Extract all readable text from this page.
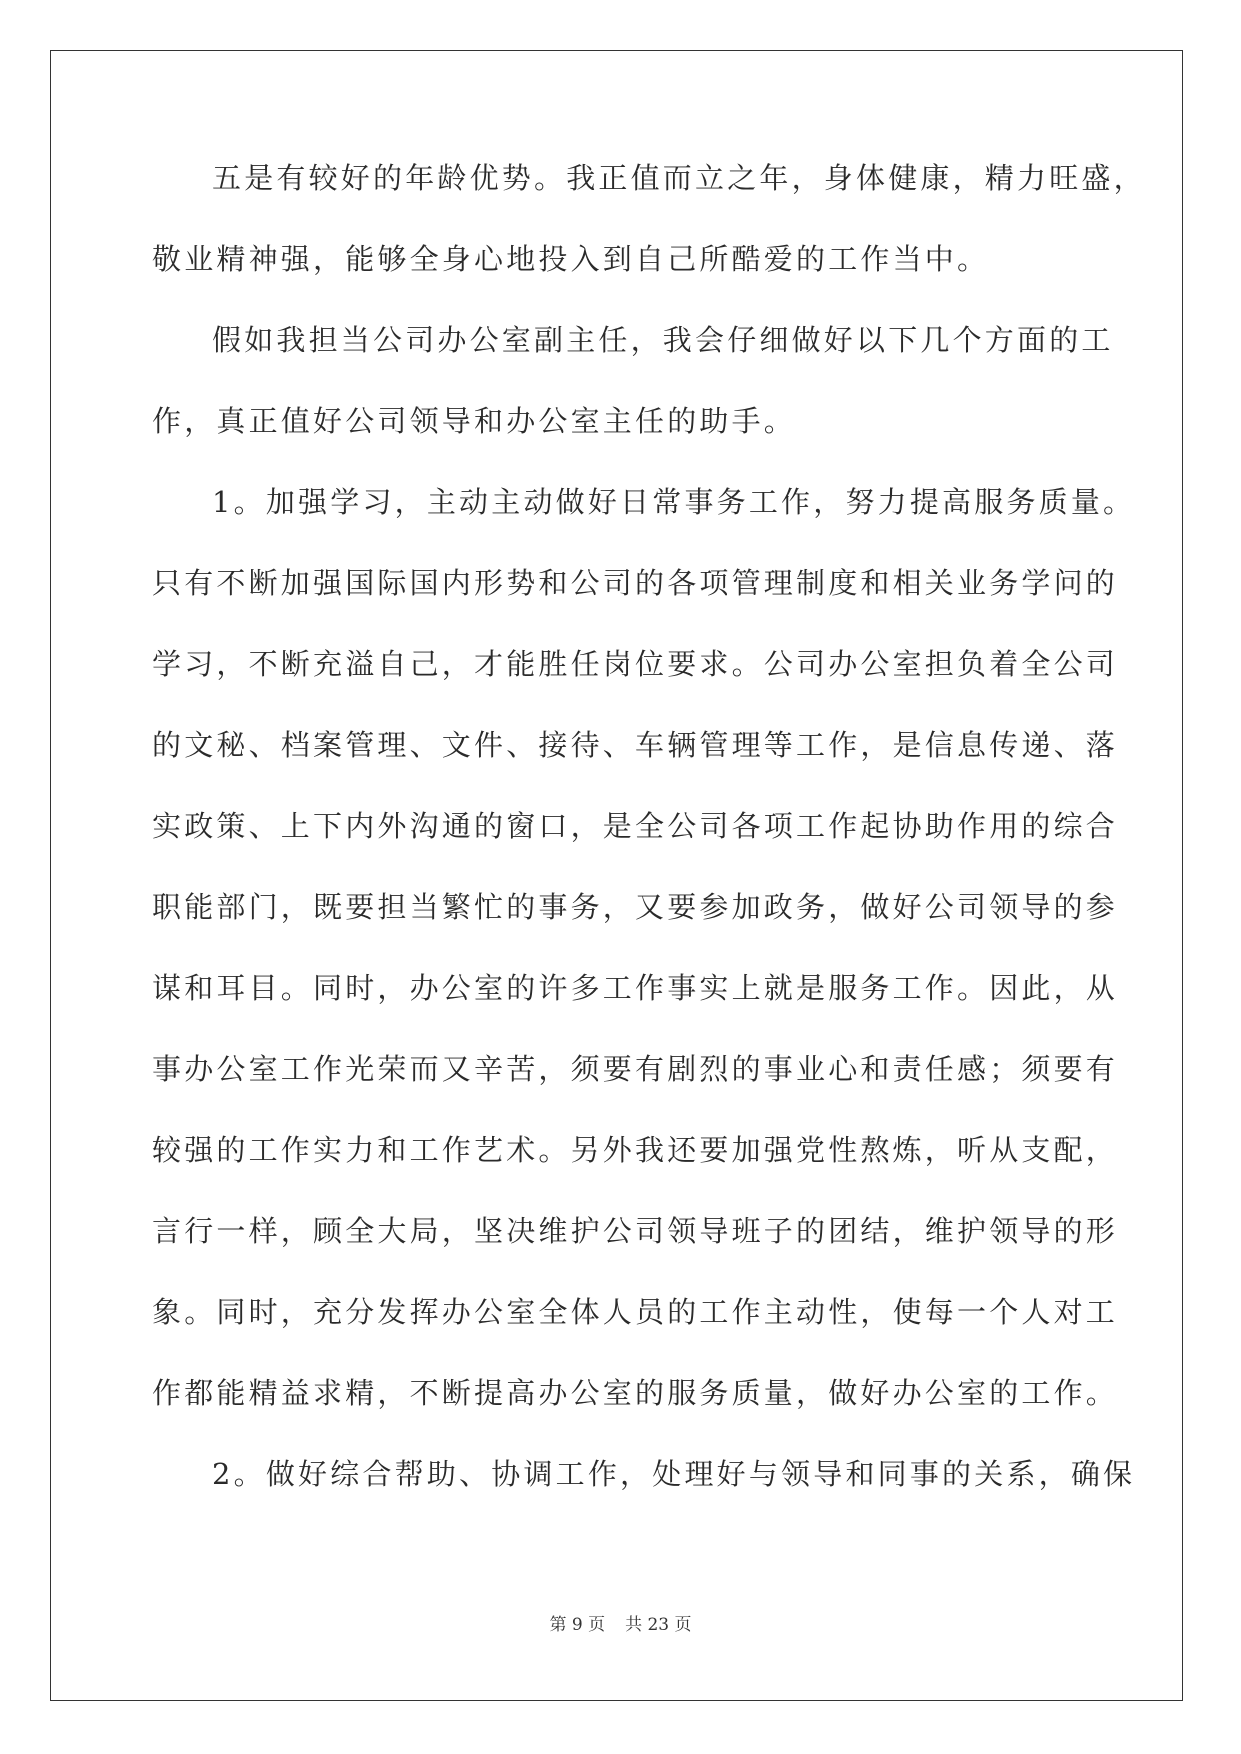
五是有较好的年龄优势。我正值而立之年，身体健康，精力旺盛，
敬业精神强，能够全身心地投入到自己所酷爱的工作当中。
假如我担当公司办公室副主任，我会仔细做好以下几个方面的工
作，真正值好公司领导和办公室主任的助手。
1。加强学习，主动主动做好日常事务工作，努力提高服务质量。
只有不断加强国际国内形势和公司的各项管理制度和相关业务学问的
学习，不断充溢自己，才能胜任岗位要求。公司办公室担负着全公司
的文秘、档案管理、文件、接待、车辆管理等工作，是信息传递、落
实政策、上下内外沟通的窗口，是全公司各项工作起协助作用的综合
职能部门，既要担当繁忙的事务，又要参加政务，做好公司领导的参
谋和耳目。同时，办公室的许多工作事实上就是服务工作。因此，从
事办公室工作光荣而又辛苦，须要有剧烈的事业心和责任感；须要有
较强的工作实力和工作艺术。另外我还要加强党性熬炼，听从支配，
言行一样，顾全大局，坚决维护公司领导班子的团结，维护领导的形
象。同时，充分发挥办公室全体人员的工作主动性，使每一个人对工
作都能精益求精，不断提高办公室的服务质量，做好办公室的工作。
2。做好综合帮助、协调工作，处理好与领导和同事的关系，确保
第 9 页 共 23 页
